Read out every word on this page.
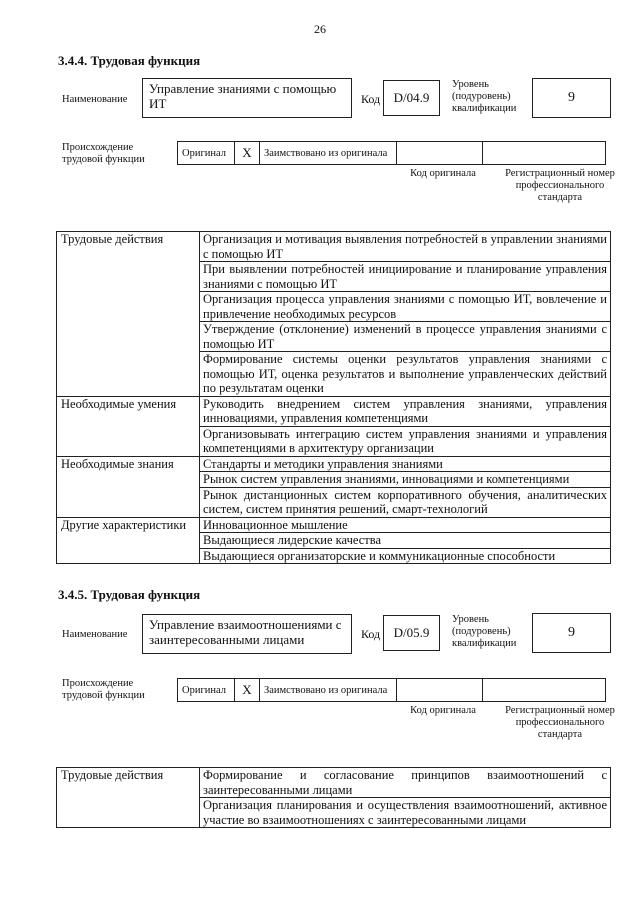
26
3.4.4. Трудовая функция
Наименование
Управление знаниями с помощью ИТ	Код	D/04.9
Уровень (подуровень) квалификации
9
Происхождение трудовой функции
Оригинал	X	Заимствовано из оригинала
Код оригинала	Регистрационный номер профессионального стандарта
Трудовые действия	Организация и мотивация выявления потребностей в управлении знаниями с помощью ИТ
	При выявлении потребностей инициирование и планирование управления знаниями с помощью ИТ
	Организация процесса управления знаниями с помощью ИТ, вовлечение и привлечение необходимых ресурсов
	Утверждение (отклонение) изменений в процессе управления знаниями с помощью ИТ
	Формирование системы оценки результатов управления знаниями с помощью ИТ, оценка результатов и выполнение управленческих действий по результатам оценки
Необходимые умения	Руководить внедрением систем управления знаниями, управления инновациями, управления компетенциями
	Организовывать интеграцию систем управления знаниями и управления компетенциями в архитектуру организации
Необходимые знания	Стандарты и методики управления знаниями
	Рынок систем управления знаниями, инновациями и компетенциями
	Рынок дистанционных систем корпоративного обучения, аналитических систем, систем принятия решений, смарт-технологий
Другие характеристики	Инновационное мышление
	Выдающиеся лидерские качества
	Выдающиеся организаторские и коммуникационные способности
3.4.5. Трудовая функция
Наименование
Управление взаимоотношениями с заинтересованными лицами	Код	D/05.9
Уровень (подуровень) квалификации
9
Происхождение трудовой функции	Оригинал	X	Заимствовано из оригинала
Код оригинала	Регистрационный номер профессионального стандарта
Трудовые действия	Формирование и согласование принципов взаимоотношений с заинтересованными лицами
Организация планирования и осуществления взаимоотношений, активное участие во взаимоотношениях с заинтересованными лицами
